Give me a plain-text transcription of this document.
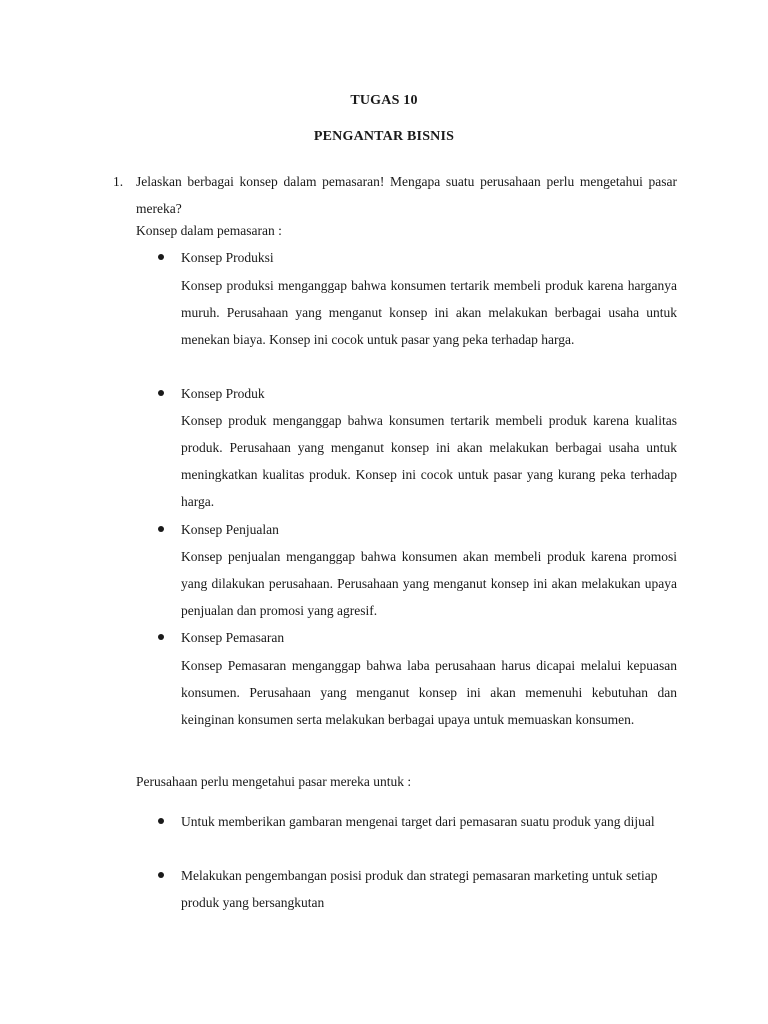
TUGAS 10
PENGANTAR BISNIS
1. Jelaskan berbagai konsep dalam pemasaran! Mengapa suatu perusahaan perlu mengetahui pasar mereka?
Konsep dalam pemasaran :
Konsep Produksi
Konsep produksi menganggap bahwa konsumen tertarik membeli produk karena harganya muruh. Perusahaan yang menganut konsep ini akan melakukan berbagai usaha untuk menekan biaya. Konsep ini cocok untuk pasar yang peka terhadap harga.
Konsep Produk
Konsep produk menganggap bahwa konsumen tertarik membeli produk karena kualitas produk. Perusahaan yang menganut konsep ini akan melakukan berbagai usaha untuk meningkatkan kualitas produk. Konsep ini cocok untuk pasar yang kurang peka terhadap harga.
Konsep Penjualan
Konsep penjualan menganggap bahwa konsumen akan membeli produk karena promosi yang dilakukan perusahaan. Perusahaan yang menganut konsep ini akan melakukan upaya penjualan dan promosi yang agresif.
Konsep Pemasaran
Konsep Pemasaran menganggap bahwa laba perusahaan harus dicapai melalui kepuasan konsumen. Perusahaan yang menganut konsep ini akan memenuhi kebutuhan dan keinginan konsumen serta melakukan berbagai upaya untuk memuaskan konsumen.
Perusahaan perlu mengetahui pasar mereka untuk :
Untuk memberikan gambaran mengenai target dari pemasaran suatu produk yang dijual
Melakukan pengembangan posisi produk dan strategi pemasaran marketing untuk setiap produk yang bersangkutan
